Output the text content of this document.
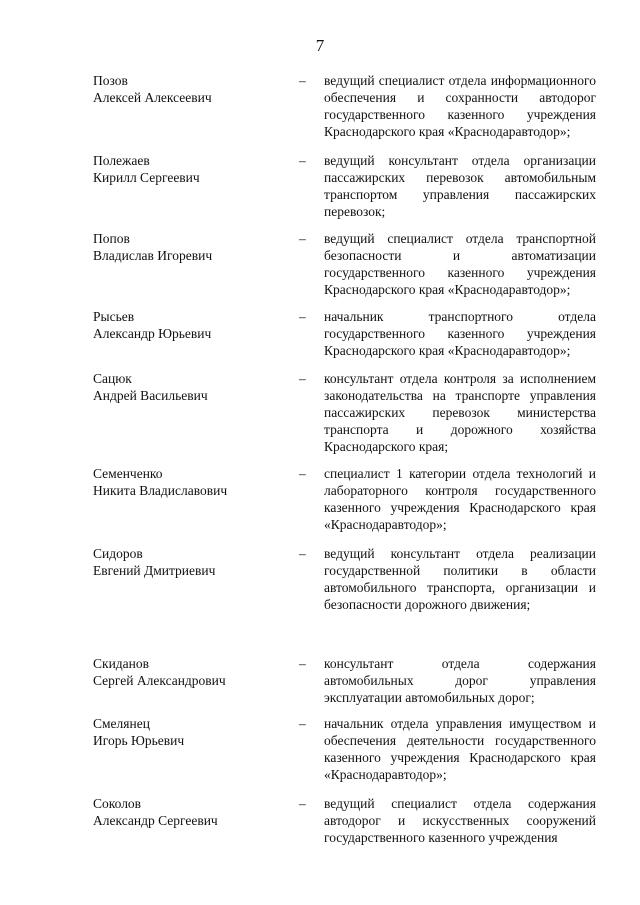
7
Позов
Алексей Алексеевич
– ведущий специалист отдела информационного обеспечения и сохранности автодорог государственного казенного учреждения Краснодарского края «Краснодаравтодор»;
Полежаев
Кирилл Сергеевич
– ведущий консультант отдела организации пассажирских перевозок автомобильным транспортом управления пассажирских перевозок;
Попов
Владислав Игоревич
– ведущий специалист отдела транспортной безопасности и автоматизации государственного казенного учреждения Краснодарского края «Краснодаравтодор»;
Рысьев
Александр Юрьевич
– начальник транспортного отдела государственного казенного учреждения Краснодарского края «Краснодаравтодор»;
Сацюк
Андрей Васильевич
– консультант отдела контроля за исполнением законодательства на транспорте управления пассажирских перевозок министерства транспорта и дорожного хозяйства Краснодарского края;
Семенченко
Никита Владиславович
– специалист 1 категории отдела технологий и лабораторного контроля государственного казенного учреждения Краснодарского края «Краснодаравтодор»;
Сидоров
Евгений Дмитриевич
– ведущий консультант отдела реализации государственной политики в области автомобильного транспорта, организации и безопасности дорожного движения;
Скиданов
Сергей Александрович
– консультант отдела содержания автомобильных дорог управления эксплуатации автомобильных дорог;
Смелянец
Игорь Юрьевич
– начальник отдела управления имуществом и обеспечения деятельности государственного казенного учреждения Краснодарского края «Краснодаравтодор»;
Соколов
Александр Сергеевич
– ведущий специалист отдела содержания автодорог и искусственных сооружений государственного казенного учреждения
